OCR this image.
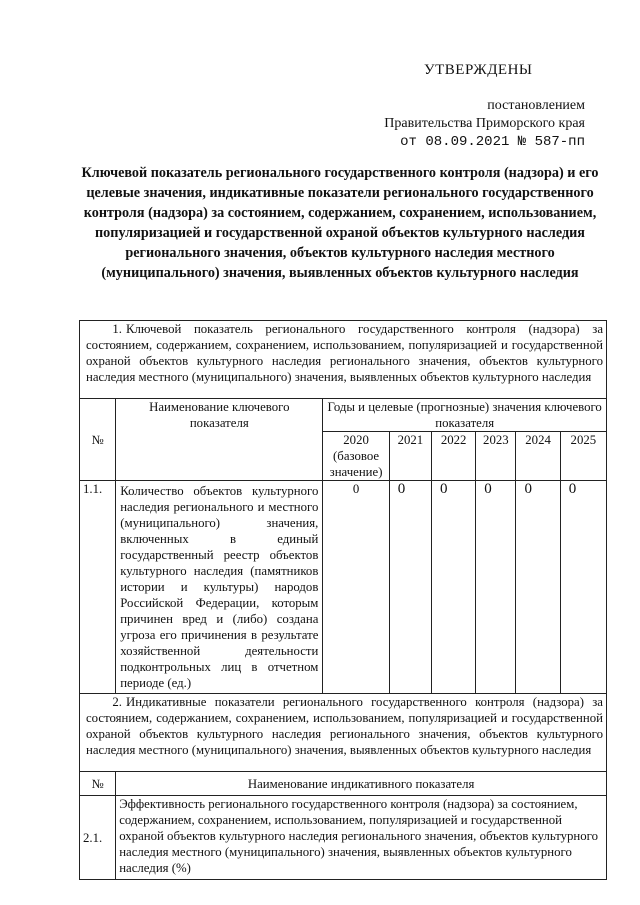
УТВЕРЖДЕНЫ
постановлением
Правительства Приморского края
от 08.09.2021 № 587-пп
Ключевой показатель регионального государственного контроля (надзора) и его целевые значения, индикативные показатели регионального государственного контроля (надзора) за состоянием, содержанием, сохранением, использованием, популяризацией и государственной охраной объектов культурного наследия регионального значения, объектов культурного наследия местного (муниципального) значения, выявленных объектов культурного наследия
1. Ключевой показатель регионального государственного контроля (надзора) за состоянием, содержанием, сохранением, использованием, популяризацией и государственной охраной объектов культурного наследия регионального значения, объектов культурного наследия местного (муниципального) значения, выявленных объектов культурного наследия							
№	Наименование ключевого показателя	Годы и целевые (прогнозные) значения ключевого показателя					
		2020 (базовое значение)	2021	2022	2023	2024	2025
1.1.	Количество объектов культурного наследия регионального и местного (муниципального) значения, включенных в единый государственный реестр объектов культурного наследия (памятников истории и культуры) народов Российской Федерации, которым причинен вред и (либо) создана угроза его причинения в результате хозяйственной деятельности подконтрольных лиц в отчетном периоде (ед.)	0	0	0	0	0	0
2. Индикативные показатели регионального государственного контроля (надзора) за состоянием, содержанием, сохранением, использованием, популяризацией и государственной охраной объектов культурного наследия регионального значения, объектов культурного наследия местного (муниципального) значения, выявленных объектов культурного наследия							
№	Наименование индикативного показателя						
2.1.	Эффективность регионального государственного контроля (надзора) за состоянием, содержанием, сохранением, использованием, популяризацией и государственной охраной объектов культурного наследия регионального значения, объектов культурного наследия местного (муниципального) значения, выявленных объектов культурного наследия (%)						
